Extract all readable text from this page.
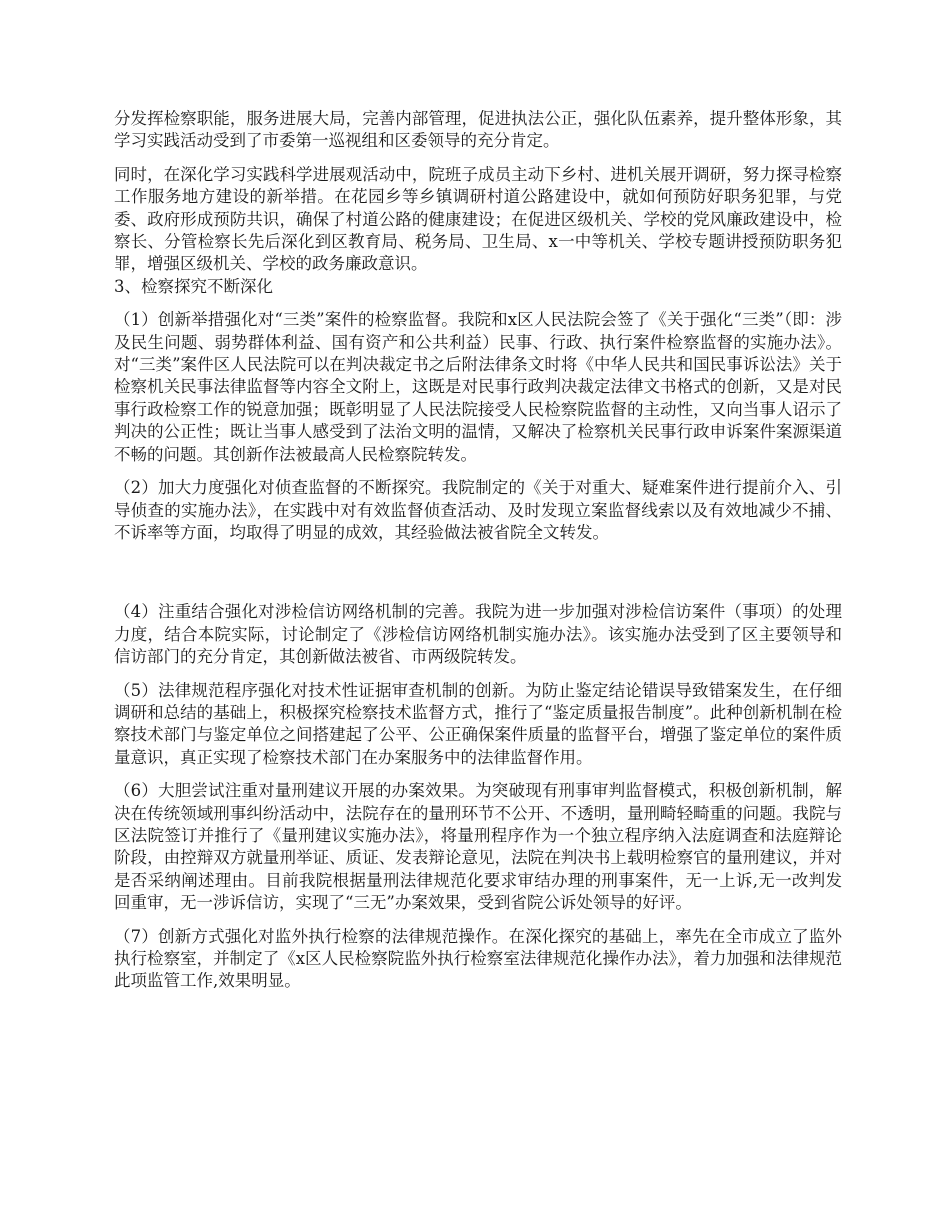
分发挥检察职能，服务进展大局，完善内部管理，促进执法公正，强化队伍素养，提升整体形象，其学习实践活动受到了市委第一巡视组和区委领导的充分肯定。

同时，在深化学习实践科学进展观活动中，院班子成员主动下乡村、进机关展开调研，努力探寻检察工作服务地方建设的新举措。在花园乡等乡镇调研村道公路建设中，就如何预防好职务犯罪，与党委、政府形成预防共识，确保了村道公路的健康建设；在促进区级机关、学校的党风廉政建设中，检察长、分管检察长先后深化到区教育局、税务局、卫生局、x一中等机关、学校专题讲授预防职务犯罪，增强区级机关、学校的政务廉政意识。

3、检察探究不断深化

（1）创新举措强化对“三类”案件的检察监督。我院和x区人民法院会签了《关于强化“三类”（即：涉及民生问题、弱势群体利益、国有资产和公共利益）民事、行政、执行案件检察监督的实施办法》。对“三类”案件区人民法院可以在判决裁定书之后附法律条文时将《中华人民共和国民事诉讼法》关于检察机关民事法律监督等内容全文附上，这既是对民事行政判决裁定法律文书格式的创新，又是对民事行政检察工作的锐意加强；既彰明显了人民法院接受人民检察院监督的主动性，又向当事人诏示了判决的公正性；既让当事人感受到了法治文明的温情，又解决了检察机关民事行政申诉案件案源渠道不畅的问题。其创新作法被最高人民检察院转发。

（2）加大力度强化对侦查监督的不断探究。我院制定的《关于对重大、疑难案件进行提前介入、引导侦查的实施办法》，在实践中对有效监督侦查活动、及时发现立案监督线索以及有效地减少不捕、不诉率等方面，均取得了明显的成效，其经验做法被省院全文转发。

（4）注重结合强化对涉检信访网络机制的完善。我院为进一步加强对涉检信访案件（事项）的处理力度，结合本院实际，讨论制定了《涉检信访网络机制实施办法》。该实施办法受到了区主要领导和信访部门的充分肯定，其创新做法被省、市两级院转发。

（5）法律规范程序强化对技术性证据审查机制的创新。为防止鉴定结论错误导致错案发生，在仔细调研和总结的基础上，积极探究检察技术监督方式，推行了“鉴定质量报告制度”。此种创新机制在检察技术部门与鉴定单位之间搭建起了公平、公正确保案件质量的监督平台，增强了鉴定单位的案件质量意识，真正实现了检察技术部门在办案服务中的法律监督作用。

（6）大胆尝试注重对量刑建议开展的办案效果。为突破现有刑事审判监督模式，积极创新机制，解决在传统领域刑事纠纷活动中，法院存在的量刑环节不公开、不透明，量刑畸轻畸重的问题。我院与区法院签订并推行了《量刑建议实施办法》，将量刑程序作为一个独立程序纳入法庭调查和法庭辩论阶段，由控辩双方就量刑举证、质证、发表辩论意见，法院在判决书上载明检察官的量刑建议，并对是否采纳阐述理由。目前我院根据量刑法律规范化要求审结办理的刑事案件，无一上诉,无一改判发回重审，无一涉诉信访，实现了“三无”办案效果，受到省院公诉处领导的好评。

（7）创新方式强化对监外执行检察的法律规范操作。在深化探究的基础上，率先在全市成立了监外执行检察室，并制定了《x区人民检察院监外执行检察室法律规范化操作办法》，着力加强和法律规范此项监管工作,效果明显。
